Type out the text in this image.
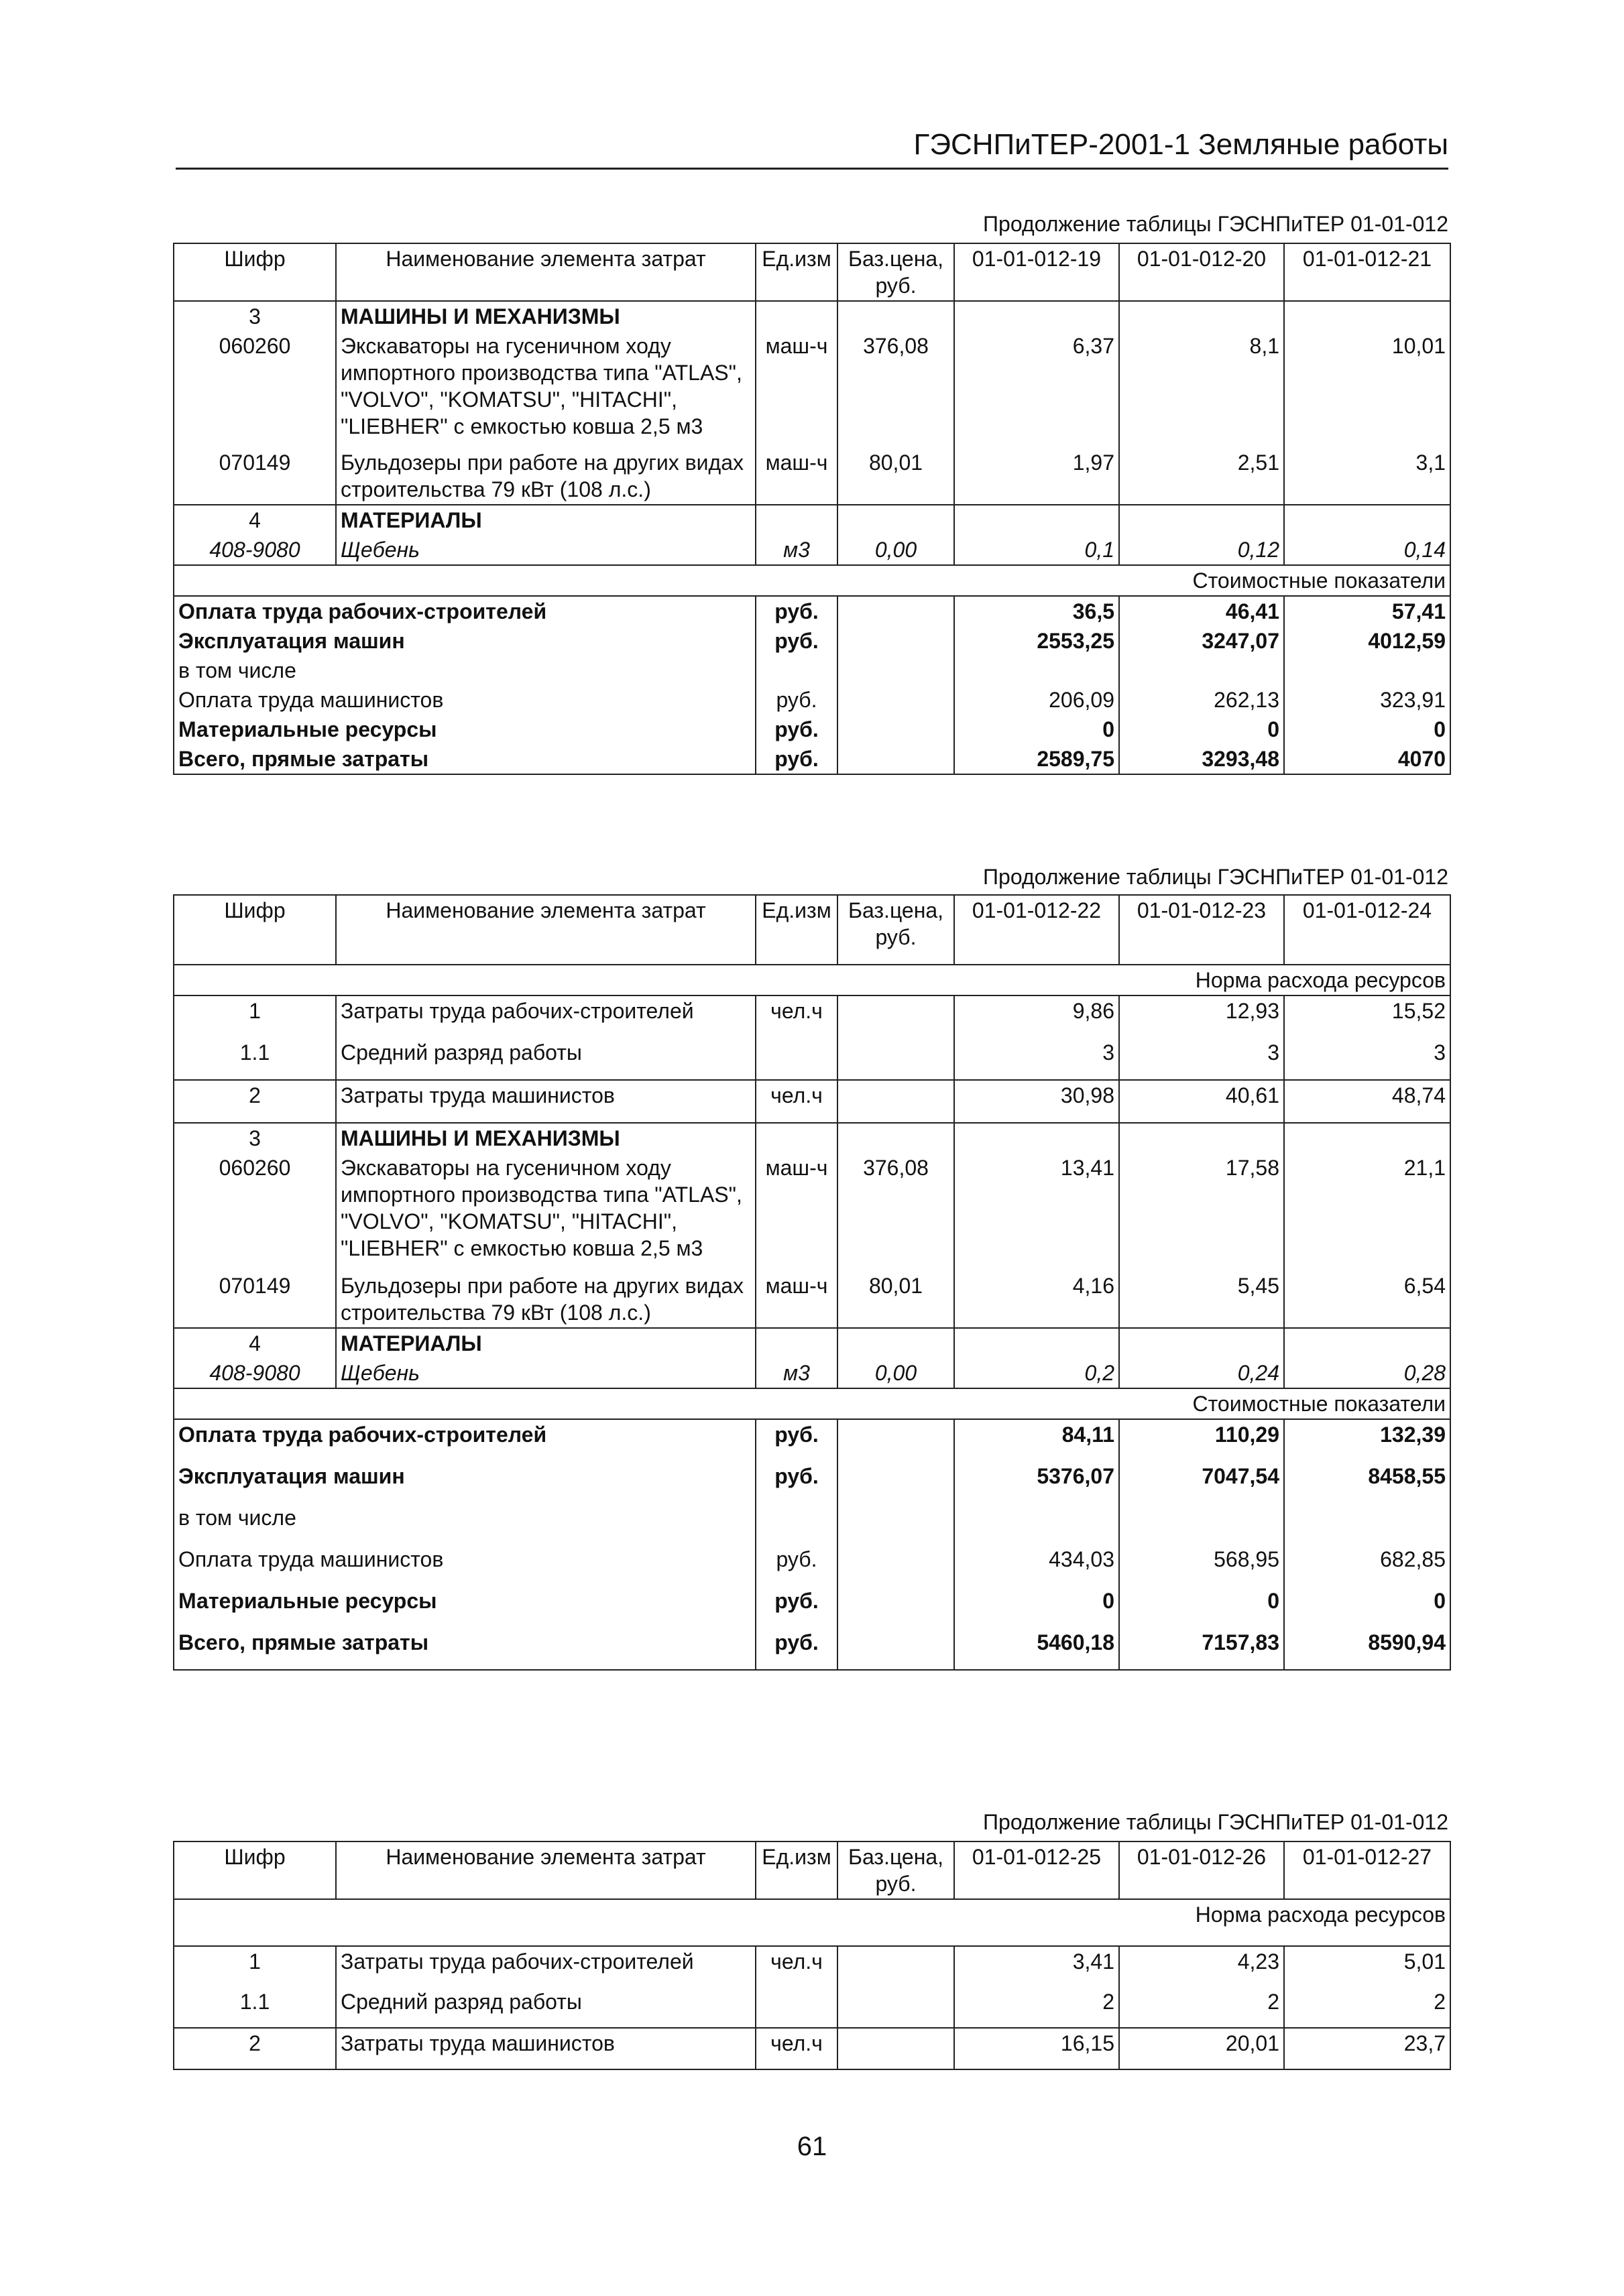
ГЭСНПиТЕР-2001-1 Земляные работы
Продолжение таблицы ГЭСНПиТЕР 01-01-012
Шифр	Наименование элемента затрат	Ед.изм	Баз.цена, руб.	01-01-012-19	01-01-012-20	01-01-012-21
3	МАШИНЫ И МЕХАНИЗМЫ					
060260	Экскаваторы на гусеничном ходу импортного производства типа "ATLAS", "VOLVO", "KOMATSU", "HITACHI", "LIEBHER" с емкостью ковша 2,5 м3	маш-ч	376,08	6,37	8,1	10,01
070149	Бульдозеры при работе на других видах строительства 79 кВт (108 л.с.)	маш-ч	80,01	1,97	2,51	3,1
4	МАТЕРИАЛЫ					
408-9080	Щебень	м3	0,00	0,1	0,12	0,14
Стоимостные показатели						
Оплата труда рабочих-строителей		руб.		36,5	46,41	57,41
Эксплуатация машин		руб.		2553,25	3247,07	4012,59
в том числе						
Оплата труда машинистов		руб.		206,09	262,13	323,91
Материальные ресурсы		руб.		0	0	0
Всего, прямые затраты		руб.		2589,75	3293,48	4070
Продолжение таблицы ГЭСНПиТЕР 01-01-012
Шифр	Наименование элемента затрат	Ед.изм	Баз.цена, руб.	01-01-012-22	01-01-012-23	01-01-012-24
Норма расхода ресурсов						
1	Затраты труда рабочих-строителей	чел.ч		9,86	12,93	15,52
1.1	Средний разряд работы			3	3	3
2	Затраты труда машинистов	чел.ч		30,98	40,61	48,74
3	МАШИНЫ И МЕХАНИЗМЫ					
060260	Экскаваторы на гусеничном ходу импортного производства типа "ATLAS", "VOLVO", "KOMATSU", "HITACHI", "LIEBHER" с емкостью ковша 2,5 м3	маш-ч	376,08	13,41	17,58	21,1
070149	Бульдозеры при работе на других видах строительства 79 кВт (108 л.с.)	маш-ч	80,01	4,16	5,45	6,54
4	МАТЕРИАЛЫ					
408-9080	Щебень	м3	0,00	0,2	0,24	0,28
Стоимостные показатели						
Оплата труда рабочих-строителей		руб.		84,11	110,29	132,39
Эксплуатация машин		руб.		5376,07	7047,54	8458,55
в том числе						
Оплата труда машинистов		руб.		434,03	568,95	682,85
Материальные ресурсы		руб.		0	0	0
Всего, прямые затраты		руб.		5460,18	7157,83	8590,94
Продолжение таблицы ГЭСНПиТЕР 01-01-012
Шифр	Наименование элемента затрат	Ед.изм	Баз.цена, руб.	01-01-012-25	01-01-012-26	01-01-012-27
Норма расхода ресурсов						
1	Затраты труда рабочих-строителей	чел.ч		3,41	4,23	5,01
1.1	Средний разряд работы			2	2	2
2	Затраты труда машинистов	чел.ч		16,15	20,01	23,7
61
